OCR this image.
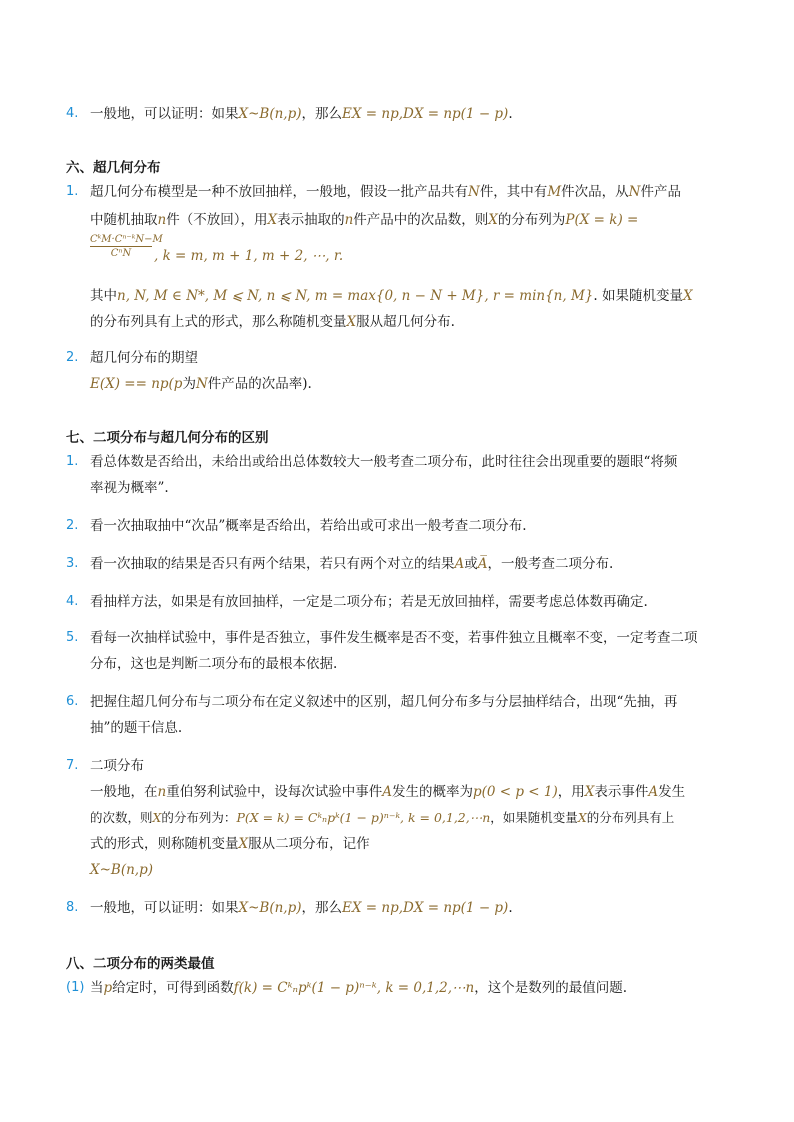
4. 一般地，可以证明：如果X~B(n,p)，那么EX = np,DX = np(1 − p).
六、超几何分布
1. 超几何分布模型是一种不放回抽样，一般地，假设一批产品共有N件，其中有M件次品，从N件产品
中随机抽取n件（不放回），用X表示抽取的n件产品中的次品数，则X的分布列为P(X = k) =
CᵏM·Cⁿ⁻ᵏN−M
CⁿN	, k = m, m + 1, m + 2, ⋯, r.
其中n, N, M ∈ N*, M ⩽ N, n ⩽ N, m = max{0, n − N + M}, r = min{n, M}. 如果随机变量X
的分布列具有上式的形式，那么称随机变量X服从超几何分布.
2. 超几何分布的期望
E(X) == np(p为N件产品的次品率).
七、二项分布与超几何分布的区别
1. 看总体数是否给出，未给出或给出总体数较大一般考查二项分布，此时往往会出现重要的题眼“将频
率视为概率”.
2. 看一次抽取抽中“次品”概率是否给出，若给出或可求出一般考查二项分布.
3. 看一次抽取的结果是否只有两个结果，若只有两个对立的结果A或A̅，一般考查二项分布.
4. 看抽样方法，如果是有放回抽样，一定是二项分布；若是无放回抽样，需要考虑总体数再确定.
5. 看每一次抽样试验中，事件是否独立，事件发生概率是否不变，若事件独立且概率不变，一定考查二项
分布，这也是判断二项分布的最根本依据.
6. 把握住超几何分布与二项分布在定义叙述中的区别，超几何分布多与分层抽样结合，出现“先抽，再
抽”的题干信息.
7. 二项分布
一般地，在n重伯努利试验中，设每次试验中事件A发生的概率为p(0 < p < 1)，用X表示事件A发生
的次数，则X的分布列为：P(X = k) = Cᵏₙpᵏ(1 − p)ⁿ⁻ᵏ, k = 0,1,2,⋯n，如果随机变量X的分布列具有上
式的形式，则称随机变量X服从二项分布，记作
X~B(n,p)
8. 一般地，可以证明：如果X~B(n,p)，那么EX = np,DX = np(1 − p).
八、二项分布的两类最值
(1) 当p给定时，可得到函数f(k) = Cᵏₙpᵏ(1 − p)ⁿ⁻ᵏ, k = 0,1,2,⋯n，这个是数列的最值问题.
